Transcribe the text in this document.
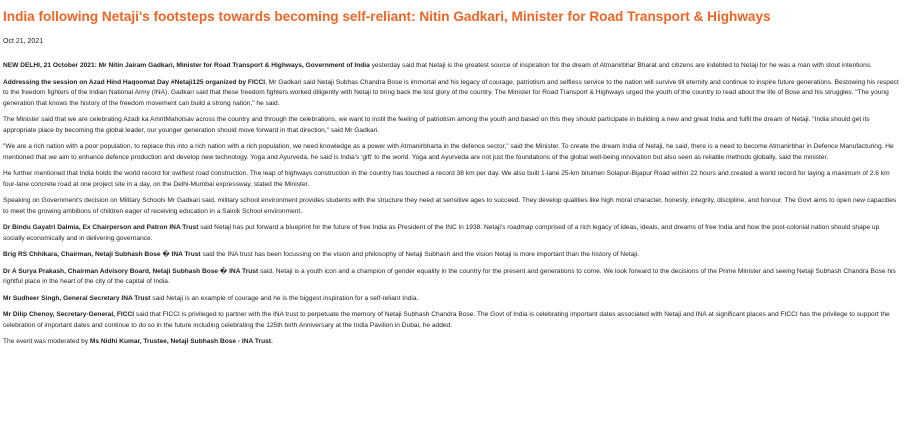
India following Netaji's footsteps towards becoming self-reliant: Nitin Gadkari, Minister for Road Transport & Highways
Oct 21, 2021

NEW DELHI, 21 October 2021: Mr Nitin Jairam Gadkari, Minister for Road Transport & Highways, Government of India yesterday said that Netaji is the greatest source of inspiration for the dream of Atmanirbhar Bharat and citizens are indebted to Netaji for he was a man with stout intentions.

Addressing the session on Azad Hind Haqoomat Day #Netaji125 organized by FICCI, Mr Gadkari said Netaji Subhas Chandra Bose is immortal and his legacy of courage, patriotism and selfless service to the nation will survive till eternity and continue to inspire future generations. Bestowing his respect to the freedom fighters of the Indian National Army (INA), Gadkari said that these freedom fighters worked diligently with Netaji to bring back the lost glory of the country. The Minister for Road Transport & Highways urged the youth of the country to read about the life of Bose and his struggles. "The young generation that knows the history of the freedom movement can build a strong nation," he said.

The Minister said that we are celebrating Azadi ka AmritMahotsav across the country and through the celebrations, we want to instil the feeling of patriotism among the youth and based on this they should participate in building a new and great India and fulfil the dream of Netaji. "India should get its appropriate place by becoming the global leader, our younger generation should move forward in that direction," said Mr Gadkari.

"We are a rich nation with a poor population, to replace this into a rich nation with a rich population, we need knowledge as a power with Atmanirbharta in the defence sector," said the Minister. To create the dream India of Netaji, he said, there is a need to become Atmanirbhar in Defence Manufacturing. He mentioned that we aim to enhance defence production and develop new technology. Yoga and Ayurveda, he said is India's 'gift' to the world. Yoga and Ayurveda are not just the foundations of the global well-being innovation but also seen as reliable methods globally, said the minister.

He further mentioned that India holds the world record for swiftest road construction. The leap of highways construction in the country has touched a record 38 km per day. We also built 1-lane 25-km bitumen Solapur-Bijapur Road within 22 hours and created a world record for laying a maximum of 2.6 km four-lane concrete road at one project site in a day, on the Delhi-Mumbai expressway, stated the Minister.

Speaking on Government's decision on Military Schools Mr Gadkari said, military school environment provides students with the structure they need at sensitive ages to succeed. They develop qualities like high moral character, honesty, integrity, discipline, and honour. The Govt aims to open new capacities to meet the growing ambitions of children eager of receiving education in a Sainik School environment.

Dr Bindu Gayatri Dalmia, Ex Chairperson and Patron INA Trust said Netaji has put forward a blueprint for the future of free India as President of the INC in 1938. Netaji's roadmap comprised of a rich legacy of ideas, ideals, and dreams of free India and how the post-colonial nation should shape up socially economically and in delivering governance.

Brig RS Chhikara, Chairman, Netaji Subhash Bose � INA Trust said the INA trust has been focussing on the vision and philosophy of Netaji Subhash and the vision Netaji is more important than the history of Netaji.

Dr A Surya Prakash, Chairman Advisory Board, Netaji Subhash Bose � INA Trust said, Netaji is a youth icon and a champion of gender equality in the country for the present and generations to come. We look forward to the decisions of the Prime Minister and seeing Netaji Subhash Chandra Bose his rightful place in the heart of the city of the capital of India.

Mr Sudheer Singh, General Secretary INA Trust said Netaji is an example of courage and he is the biggest inspiration for a self-reliant India.

Mr Dilip Chenoy, Secretary-General, FICCI said that FICCI is privileged to partner with the INA trust to perpetuate the memory of Netaji Subhash Chandra Bose. The Govt of India is celebrating important dates associated with Netaji and INA at significant places and FICCI has the privilege to support the celebration of important dates and continue to do so in the future including celebrating the 125th birth Anniversary at the India Pavilion in Dubai, he added.

The event was moderated by Ms Nidhi Kumar, Trustee, Netaji Subhash Bose - INA Trust.
